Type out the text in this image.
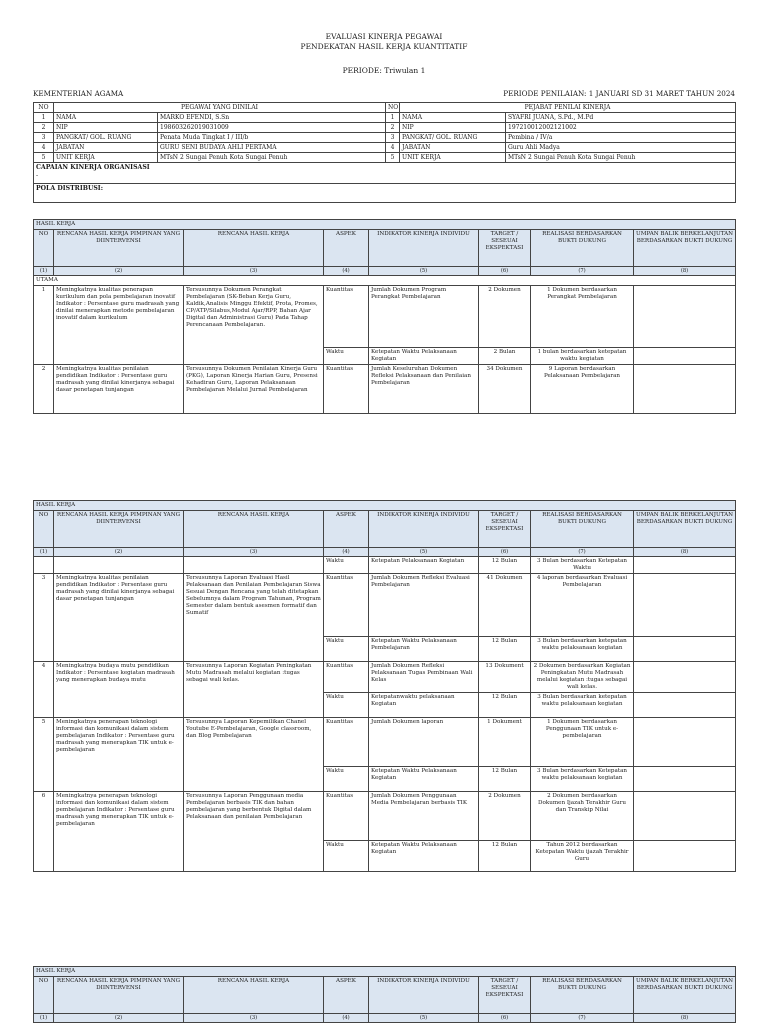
EVALUASI KINERJA PEGAWAI
PENDEKATAN HASIL KERJA KUANTITATIF
PERIODE: Triwulan 1
KEMENTERIAN AGAMA	PERIODE PENILAIAN: 1 JANUARI SD 31 MARET TAHUN 2024
NO	PEGAWAI YANG DINILAI		NO	PEJABAT PENILAI KINERJA	
1	NAMA	MARKO EFENDI, S.Sn	1	NAMA	SYAFRI JUANA, S.Pd., M.Pd
2	NIP	198603262019031009	2	NIP	197210012002121002
3	PANGKAT/ GOL. RUANG	Penata Muda Tingkat I / III/b	3	PANGKAT/ GOL. RUANG	Pembina / IV/a
4	JABATAN	GURU SENI BUDAYA AHLI PERTAMA	4	JABATAN	Guru Ahli Madya
5	UNIT KERJA	MTsN 2 Sungai Penuh Kota Sungai Penuh	5	UNIT KERJA	MTsN 2 Sungai Penuh Kota Sungai Penuh

CAPAIAN KINERJA ORGANISASI
-					

POLA DISTRIBUSI:					
HASIL KERJA							
NO	RENCANA HASIL KERJA PIMPINAN YANG DIINTERVENSI	RENCANA HASIL KERJA	ASPEK	INDIKATOR KINERJA INDIVIDU	TARGET / SESEUAI EKSPEKTASI	REALISASI BERDASARKAN BUKTI DUKUNG	UMPAN BALIK BERKELANJUTAN BERDASARKAN BUKTI DUKUNG
(1)	(2)	(3)	(4)	(5)	(6)	(7)	(8)
UTAMA							
1	Meningkatnya kualitas penerapan kurikulum dan pola pembelajaran inovatif Indikator : Persentase guru madrasah yang dinilai menerapkan metode pembelajaran inovatif dalam kurikulum	Tersusunnya Dokumen Perangkat Pembelajaran (SK-Beban Kerja Guru, Kaldik,Analisis Minggu Efektif, Prota, Promes, CP/ATP/Silabus,Modul Ajar/RPP, Bahan Ajar Digital dan Administrasi Guru) Pada Tahap Perencanaan Pembelajaran.	Kuantitas	Jumlah Dokumen Program Perangkat Pembelajaran	2 Dokumen	1 Dokumen berdasarkan Perangkat Pembelajaran	
			Waktu	Ketepatan Waktu Pelaksanaan Kegiatan	2 Bulan	1 bulan berdasarkan ketepatan waktu kegiatan	
2	Meningkatnya kualitas penilaian pendidikan Indikator : Persentase guru madrasah yang dinilai kinerjanya sebagai dasar penetapan tunjangan	Tersusunnya Dokumen Penilaian Kinerja Guru (PKG), Laporan Kinerja Harian Guru, Presensi Kehadiran Guru, Laporan Pelaksanaan Pembelajaran Melalui Jurnal Pembelajaran	Kuantitas	Jumlah Keseluruhan Dokumen Refleksi Pelaksanaan dan Penilaian Pembelajaran	34 Dokumen	9 Laporan berdasarkan Pelaksanaan Pembelajaran	
HASIL KERJA							
NO	RENCANA HASIL KERJA PIMPINAN YANG DIINTERVENSI	RENCANA HASIL KERJA	ASPEK	INDIKATOR KINERJA INDIVIDU	TARGET / SESEUAI EKSPEKTASI	REALISASI BERDASARKAN BUKTI DUKUNG	UMPAN BALIK BERKELANJUTAN BERDASARKAN BUKTI DUKUNG
(1)	(2)	(3)	(4)	(5)	(6)	(7)	(8)
			Waktu	Ketepatan Pelaksanaan Kegiatan	12 Bulan	3 Bulan berdasarkan Ketepatan Waktu	
3	Meningkatnya kualitas penilaian pendidikan Indikator : Persentase guru madrasah yang dinilai kinerjanya sebagai dasar penetapan tunjangan	Tersusunnya Laporan Evaluasi Hasil Pelaksanaan dan Penilaian Pembelajaran Siswa Sesuai Dengan Rencana yang telah ditetapkan Sebelumnya dalam Program Tahunan, Program Semester dalam bentuk asesmen formatif dan Sumatif	Kuantitas	Jumlah Dokumen Refleksi Evaluasi Pembelajaran	41 Dokumen	4 laporan berdasarkan Evaluasi Pembelajaran	
			Waktu	Ketepatan Waktu Pelaksanaan Pembelajaran	12 Bulan	3 Bulan berdasarkan ketepatan waktu pelaksanaan kegiatan	
4	Meningkatnya budaya mutu pendidikan Indikator : Persentase kegiatan madrasah yang menerapkan budaya mutu	Tersusunnya Laporan Kegiatan Peningkatan Mutu Madrasah melalui kegiatan :tugas sebagai wali kelas.	Kuantitas	Jumlah Dokumen Refleksi Pelaksanaan Tugas Pembinaan Wali Kelas	13 Dokument	2 Dokumen berdasarkan Kegiatan Peningkatan Mutu Madrasah melalui kegiatan :tugas sebagai wali kelas.	
			Waktu	Ketepatanwaktu pelaksanaan Kegiatan	12 Bulan	3 Bulan berdasarkan ketepatan waktu pelaksanaan kegiatan	
5	Meningkatnya penerapan teknologi informasi dan komunikasi dalam sistem pembelajaran Indikator : Persentase guru madrasah yang menerapkan TIK untuk e-pembelajaran	Tersusunnya Laporan Kepemilikan Chanel Youtube E-Pembelajaran, Google classroom, dan Blog Pembelajaran	Kuantitas	Jumlah Dokumen laporan	1 Dokument	1 Dokumen berdasarkan Penggunaan TIK untuk e-pembelajaran	
			Waktu	Ketepatan Waktu Pelaksanaan Kegiatan	12 Bulan	3 Bulan berdasarkan Ketepatan waktu pelaksanaan kegiatan	
6	Meningkatnya penerapan teknologi informasi dan komunikasi dalam sistem pembelajaran Indikator : Persentase guru madrasah yang menerapkan TIK untuk e-pembelajaran	Tersusunnya Laporan Penggunaan media Pembelajaran berbasis TIK dan bahan pembelajaran yang berbentuk Digital dalam Pelaksanaan dan penilaian Pembelajaran	Kuantitas	Jumlah Dokumen Penggunaan Media Pembelajaran berbasis TIK	2 Dokumen	2 Dokumen berdasarkan Dokumen Ijazah Terakhir Guru dan Transkip Nilai	
			Waktu	Ketepatan Waktu Pelaksanaan Kegiatan	12 Bulan	Tahun 2012 berdasarkan Ketepatan Waktu ijazah Terakhir Guru	
HASIL KERJA							
NO	RENCANA HASIL KERJA PIMPINAN YANG DIINTERVENSI	RENCANA HASIL KERJA	ASPEK	INDIKATOR KINERJA INDIVIDU	TARGET / SESEUAI EKSPEKTASI	REALISASI BERDASARKAN BUKTI DUKUNG	UMPAN BALIK BERKELANJUTAN BERDASARKAN BUKTI DUKUNG
(1)	(2)	(3)	(4)	(5)	(6)	(7)	(8)
